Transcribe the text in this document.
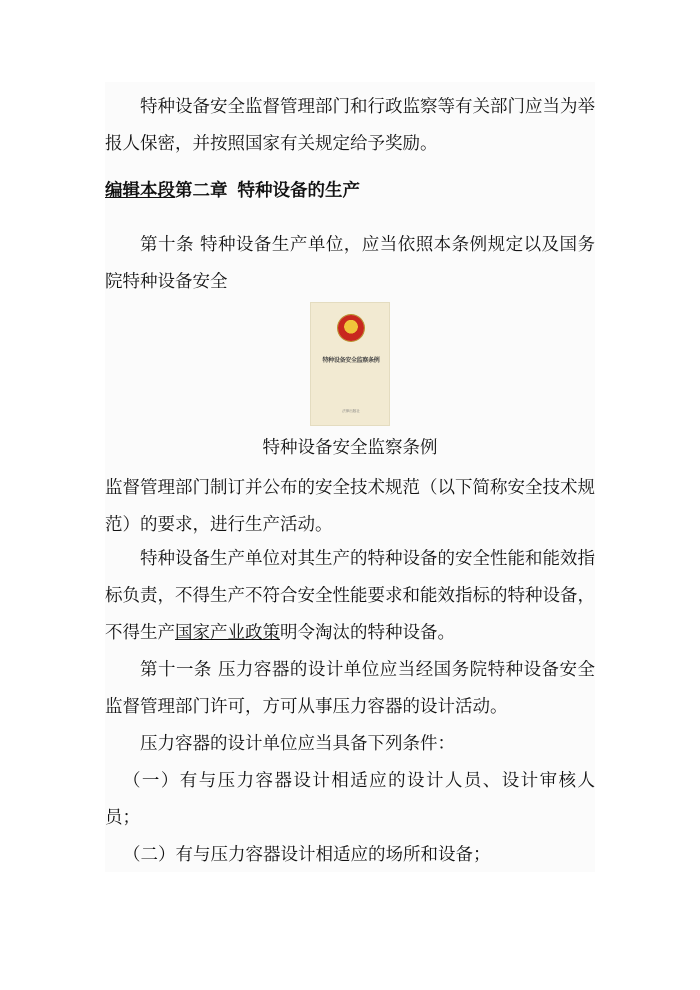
特种设备安全监督管理部门和行政监察等有关部门应当为举报人保密，并按照国家有关规定给予奖励。

编辑本段第二章 特种设备的生产

第十条 特种设备生产单位，应当依照本条例规定以及国务院特种设备安全

特种设备安全监察条例
法律出版社

特种设备安全监察条例

监督管理部门制订并公布的安全技术规范（以下简称安全技术规范）的要求，进行生产活动。

特种设备生产单位对其生产的特种设备的安全性能和能效指标负责，不得生产不符合安全性能要求和能效指标的特种设备，不得生产国家产业政策明令淘汰的特种设备。

第十一条 压力容器的设计单位应当经国务院特种设备安全监督管理部门许可，方可从事压力容器的设计活动。

压力容器的设计单位应当具备下列条件：

（一）有与压力容器设计相适应的设计人员、设计审核人员；

（二）有与压力容器设计相适应的场所和设备；
